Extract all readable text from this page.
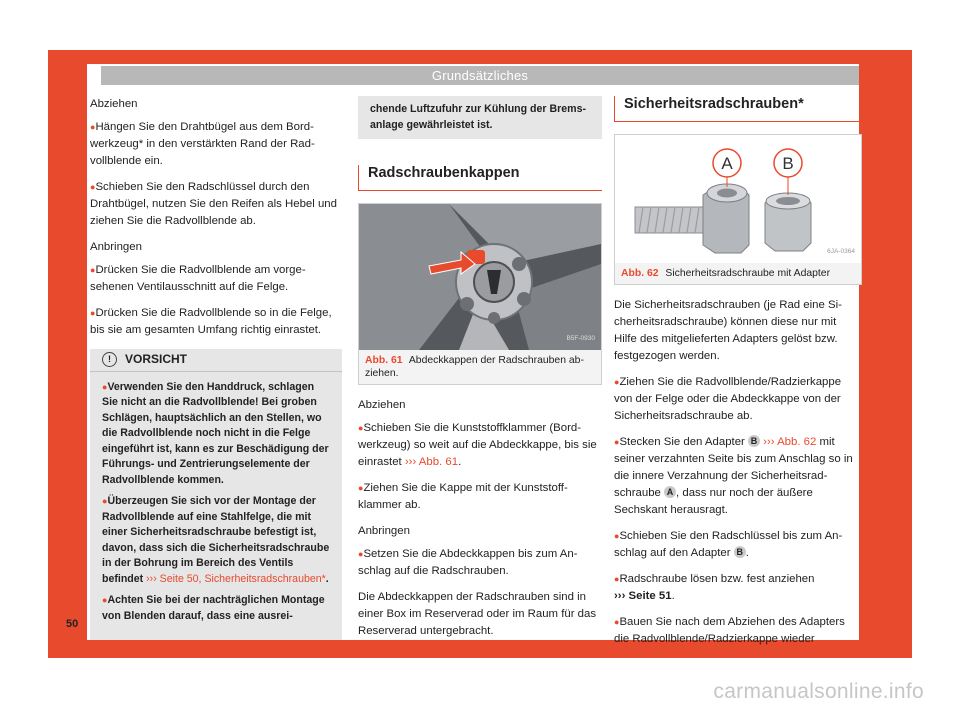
Grundsätzliches

Abziehen

● Hängen Sie den Drahtbügel aus dem Bordwerkzeug* in den verstärkten Rand der Radvollblende ein.

● Schieben Sie den Radschlüssel durch den Drahtbügel, nutzen Sie den Reifen als Hebel und ziehen Sie die Radvollblende ab.

Anbringen

● Drücken Sie die Radvollblende am vorgesehenen Ventilausschnitt auf die Felge.

● Drücken Sie die Radvollblende so in die Felge, bis sie am gesamten Umfang richtig einrastet.

!	VORSICHT

● Verwenden Sie den Handdruck, schlagen Sie nicht an die Radvollblende! Bei groben Schlägen, hauptsächlich an den Stellen, wo die Radvollblende noch nicht in die Felge eingeführt ist, kann es zur Beschädigung der Führungs- und Zentrierungselemente der Radvollblende kommen.

● Überzeugen Sie sich vor der Montage der Radvollblende auf eine Stahlfelge, die mit einer Sicherheitsradschraube befestigt ist, davon, dass sich die Sicherheitsradschraube in der Bohrung im Bereich des Ventils befindet ››› Seite 50, Sicherheitsradschrauben*.

● Achten Sie bei der nachträglichen Montage von Blenden darauf, dass eine ausrei-

chende Luftzufuhr zur Kühlung der Bremsanlage gewährleistet ist.
Radschraubenkappen
B5F-0930
Abb. 61 Abdeckkappen der Radschrauben abziehen.

Abziehen

● Schieben Sie die Kunststoffklammer (Bordwerkzeug) so weit auf die Abdeckkappe, bis sie einrastet ››› Abb. 61.

● Ziehen Sie die Kappe mit der Kunststoffklammer ab.

Anbringen

● Setzen Sie die Abdeckkappen bis zum Anschlag auf die Radschrauben.

Die Abdeckkappen der Radschrauben sind in einer Box im Reserverad oder im Raum für das Reserverad untergebracht.

Sicherheitsradschrauben*
A	B
6JA-0364
Abb. 62 Sicherheitsradschraube mit Adapter

Die Sicherheitsradschrauben (je Rad eine Sicherheitsradschraube) können diese nur mit Hilfe des mitgelieferten Adapters gelöst bzw. festgezogen werden.

● Ziehen Sie die Radvollblende/Radzierkappe von der Felge oder die Abdeckkappe von der Sicherheitsradschraube ab.

● Stecken Sie den Adapter B ››› Abb. 62 mit seiner verzahnten Seite bis zum Anschlag so in die innere Verzahnung der Sicherheitsradschraube A , dass nur noch der äußere Sechskant herausragt.

● Schieben Sie den Radschlüssel bis zum Anschlag auf den Adapter B .

● Radschraube lösen bzw. fest anziehen
››› Seite 51.

● Bauen Sie nach dem Abziehen des Adapters die Radvollblende/Radzierkappe wieder

50
carmanualsonline.info
